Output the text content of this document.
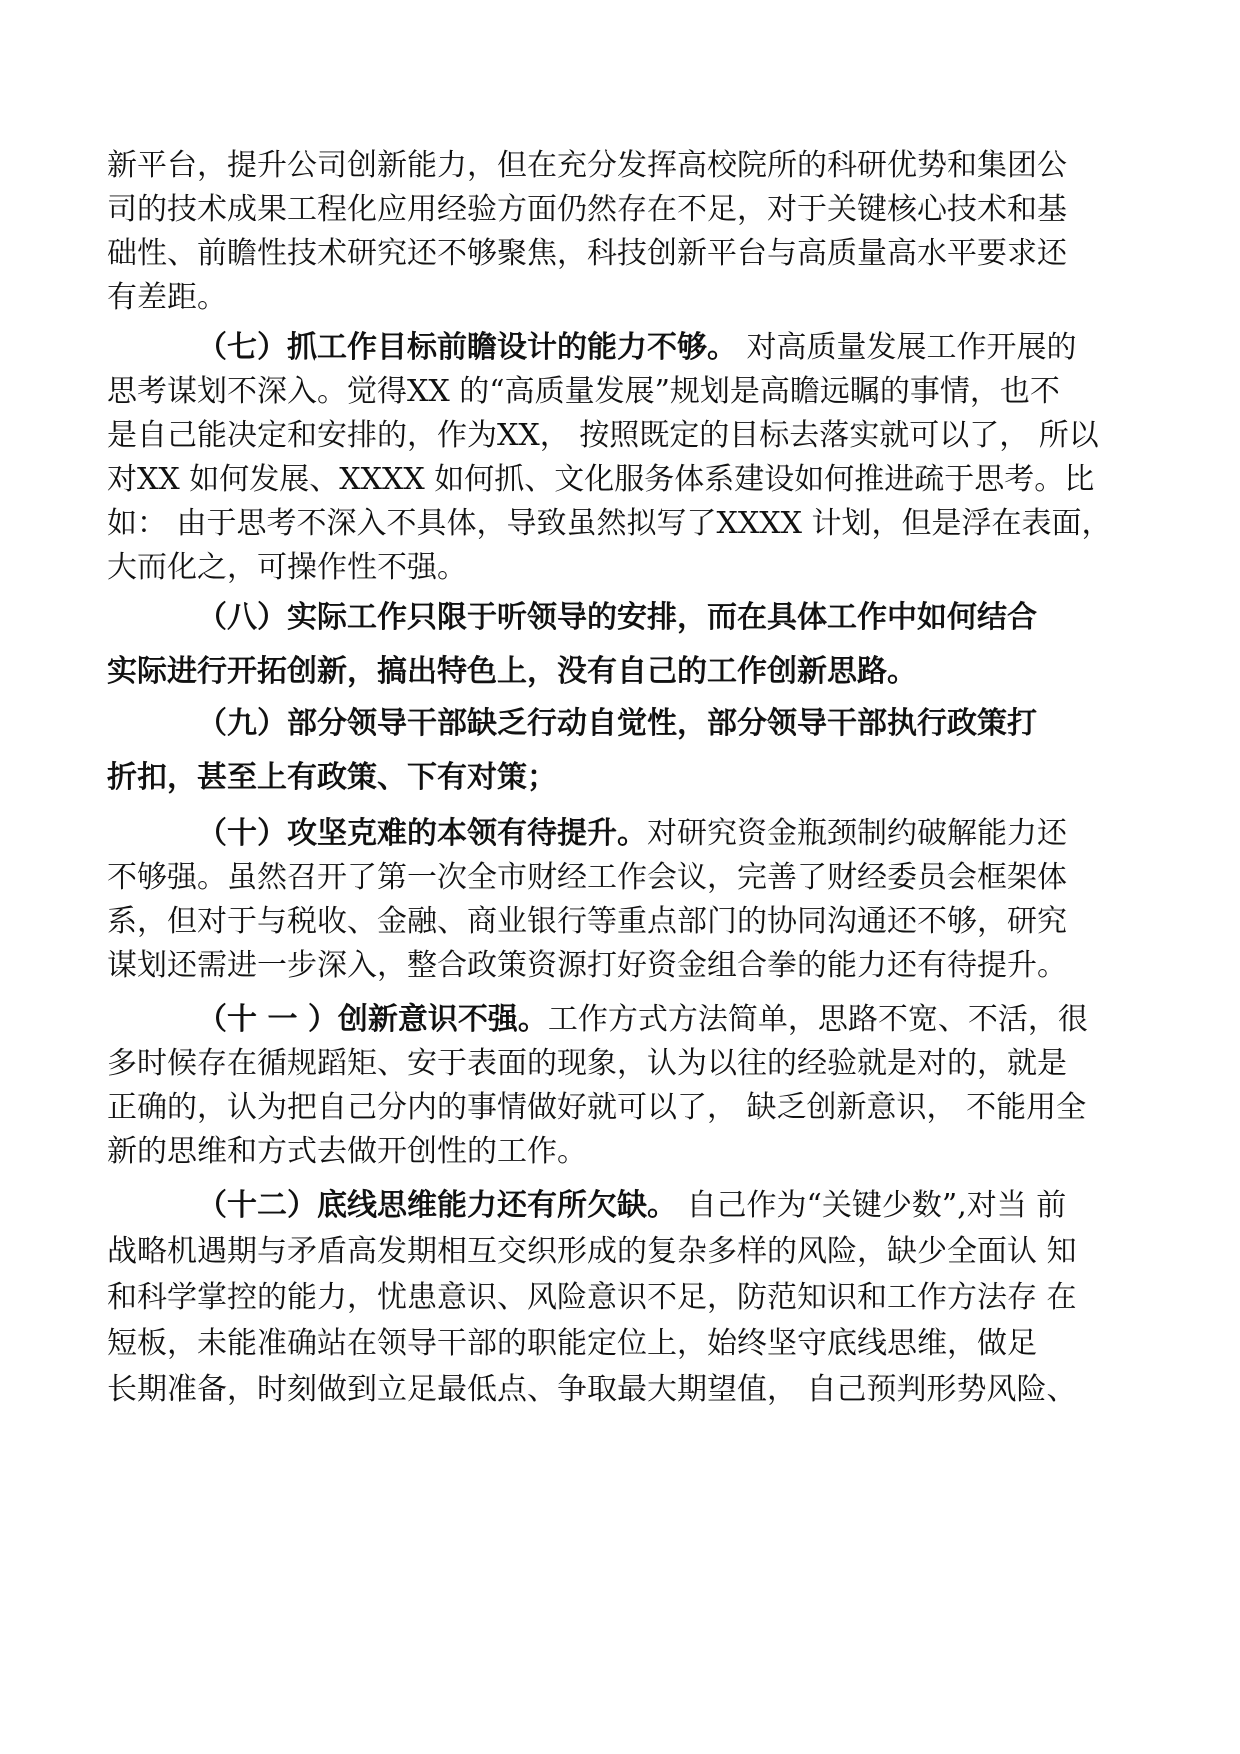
新平台，提升公司创新能力，但在充分发挥高校院所的科研优势和集团公
司的技术成果工程化应用经验方面仍然存在不足，对于关键核心技术和基
础性、前瞻性技术研究还不够聚焦，科技创新平台与高质量高水平要求还
有差距。
（七）抓工作目标前瞻设计的能力不够。 对高质量发展工作开展的
思考谋划不深入。觉得XX 的“高质量发展”规划是高瞻远瞩的事情，也不
是自己能决定和安排的，作为XX， 按照既定的目标去落实就可以了， 所以
对XX 如何发展、XXXX 如何抓、文化服务体系建设如何推进疏于思考。比
如： 由于思考不深入不具体，导致虽然拟写了XXXX 计划，但是浮在表面，
大而化之，可操作性不强。
（八）实际工作只限于听领导的安排，而在具体工作中如何结合
实际进行开拓创新，搞出特色上，没有自己的工作创新思路。
（九）部分领导干部缺乏行动自觉性，部分领导干部执行政策打
折扣，甚至上有政策、下有对策；
（十）攻坚克难的本领有待提升。对研究资金瓶颈制约破解能力还
不够强。虽然召开了第一次全市财经工作会议，完善了财经委员会框架体
系，但对于与税收、金融、商业银行等重点部门的协同沟通还不够，研究
谋划还需进一步深入，整合政策资源打好资金组合拳的能力还有待提升。
（十 一 ）创新意识不强。工作方式方法简单，思路不宽、不活，很
多时候存在循规蹈矩、安于表面的现象，认为以往的经验就是对的，就是
正确的，认为把自己分内的事情做好就可以了， 缺乏创新意识， 不能用全
新的思维和方式去做开创性的工作。
（十二）底线思维能力还有所欠缺。 自己作为“关键少数”,对当 前
战略机遇期与矛盾高发期相互交织形成的复杂多样的风险，缺少全面认 知
和科学掌控的能力，忧患意识、风险意识不足，防范知识和工作方法存 在
短板，未能准确站在领导干部的职能定位上，始终坚守底线思维，做足
长期准备，时刻做到立足最低点、争取最大期望值， 自己预判形势风险、
